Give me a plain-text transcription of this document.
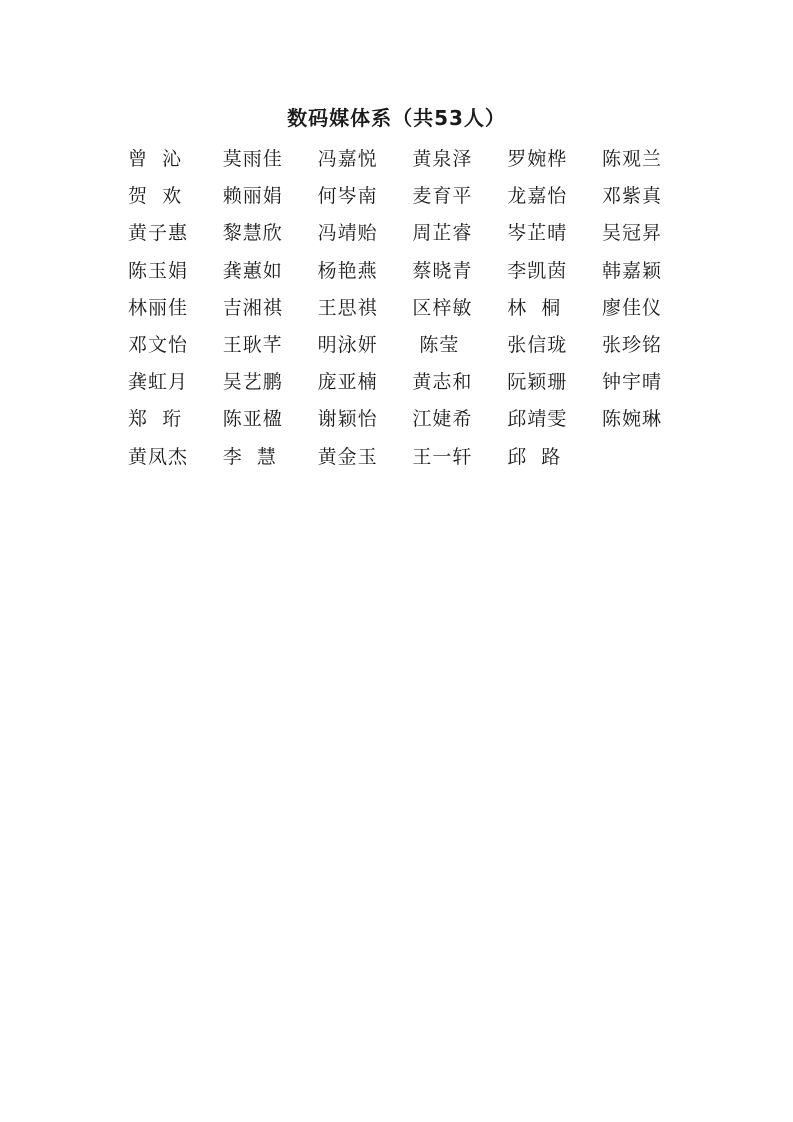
数码媒体系（共53人）
曾  沁	莫雨佳	冯嘉悦	黄泉泽	罗婉桦	陈观兰
贺  欢	赖丽娟	何岑南	麦育平	龙嘉怡	邓紫真
黄子惠	黎慧欣	冯靖贻	周芷睿	岑芷晴	吴冠昇
陈玉娟	龚蕙如	杨艳燕	蔡晓青	李凯茵	韩嘉颖
林丽佳	吉湘祺	王思祺	区梓敏	林  桐	廖佳仪
邓文怡	王耿芊	明泳妍	陈莹	张信珑	张珍铭
龚虹月	吴艺鹏	庞亚楠	黄志和	阮颖珊	钟宇晴
郑  珩	陈亚楹	谢颖怡	江婕希	邱靖雯	陈婉琳
黄凤杰	李  慧	黄金玉	王一轩	邱  路
